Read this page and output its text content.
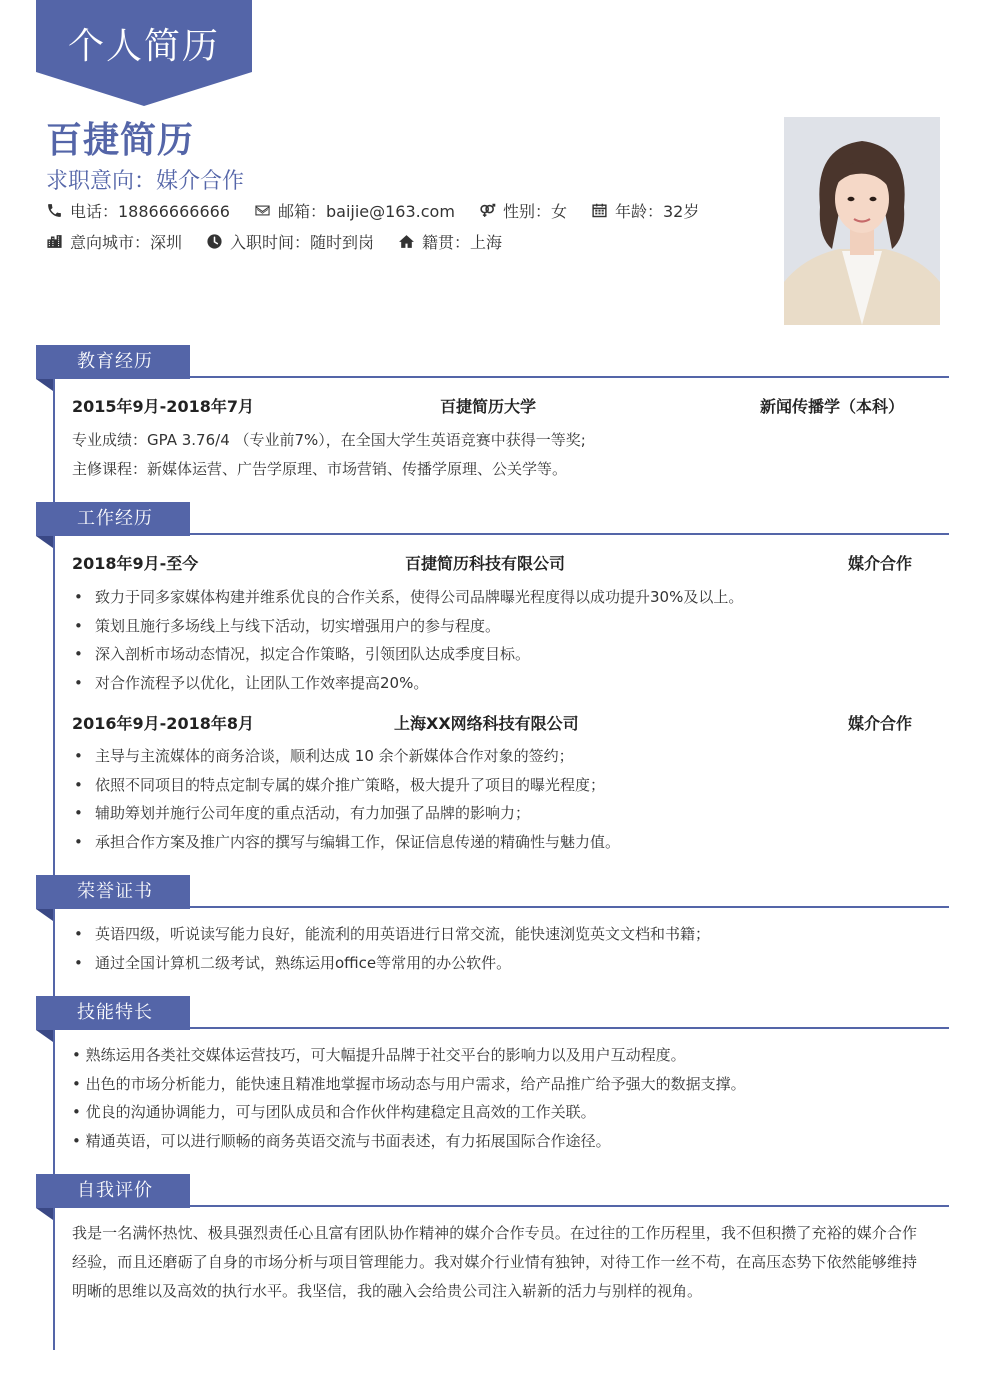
个人简历
百捷简历
求职意向：媒介合作
电话：18866666666	邮箱：baijie@163.com	性别：女	年龄：32岁
意向城市：深圳	入职时间：随时到岗	籍贯：上海
教育经历
2015年9月-2018年7月	百捷简历大学	新闻传播学（本科）
专业成绩：GPA 3.76/4 （专业前7%），在全国大学生英语竞赛中获得一等奖;
主修课程：新媒体运营、广告学原理、市场营销、传播学原理、公关学等。
工作经历
2018年9月-至今	百捷简历科技有限公司	媒介合作
• 致力于同多家媒体构建并维系优良的合作关系，使得公司品牌曝光程度得以成功提升30%及以上。
• 策划且施行多场线上与线下活动，切实增强用户的参与程度。
• 深入剖析市场动态情况，拟定合作策略，引领团队达成季度目标。
• 对合作流程予以优化，让团队工作效率提高20%。
2016年9月-2018年8月	上海XX网络科技有限公司	媒介合作
• 主导与主流媒体的商务洽谈，顺利达成 10 余个新媒体合作对象的签约；
• 依照不同项目的特点定制专属的媒介推广策略，极大提升了项目的曝光程度；
• 辅助筹划并施行公司年度的重点活动，有力加强了品牌的影响力；
• 承担合作方案及推广内容的撰写与编辑工作，保证信息传递的精确性与魅力值。
荣誉证书
• 英语四级，听说读写能力良好，能流利的用英语进行日常交流，能快速浏览英文文档和书籍；
• 通过全国计算机二级考试，熟练运用office等常用的办公软件。
技能特长
• 熟练运用各类社交媒体运营技巧，可大幅提升品牌于社交平台的影响力以及用户互动程度。
• 出色的市场分析能力，能快速且精准地掌握市场动态与用户需求，给产品推广给予强大的数据支撑。
• 优良的沟通协调能力，可与团队成员和合作伙伴构建稳定且高效的工作关联。
• 精通英语，可以进行顺畅的商务英语交流与书面表述，有力拓展国际合作途径。
自我评价
我是一名满怀热忱、极具强烈责任心且富有团队协作精神的媒介合作专员。在过往的工作历程里，我不但积攒了充裕的媒介合作经验，而且还磨砺了自身的市场分析与项目管理能力。我对媒介行业情有独钟，对待工作一丝不苟，在高压态势下依然能够维持明晰的思维以及高效的执行水平。我坚信，我的融入会给贵公司注入崭新的活力与别样的视角。
